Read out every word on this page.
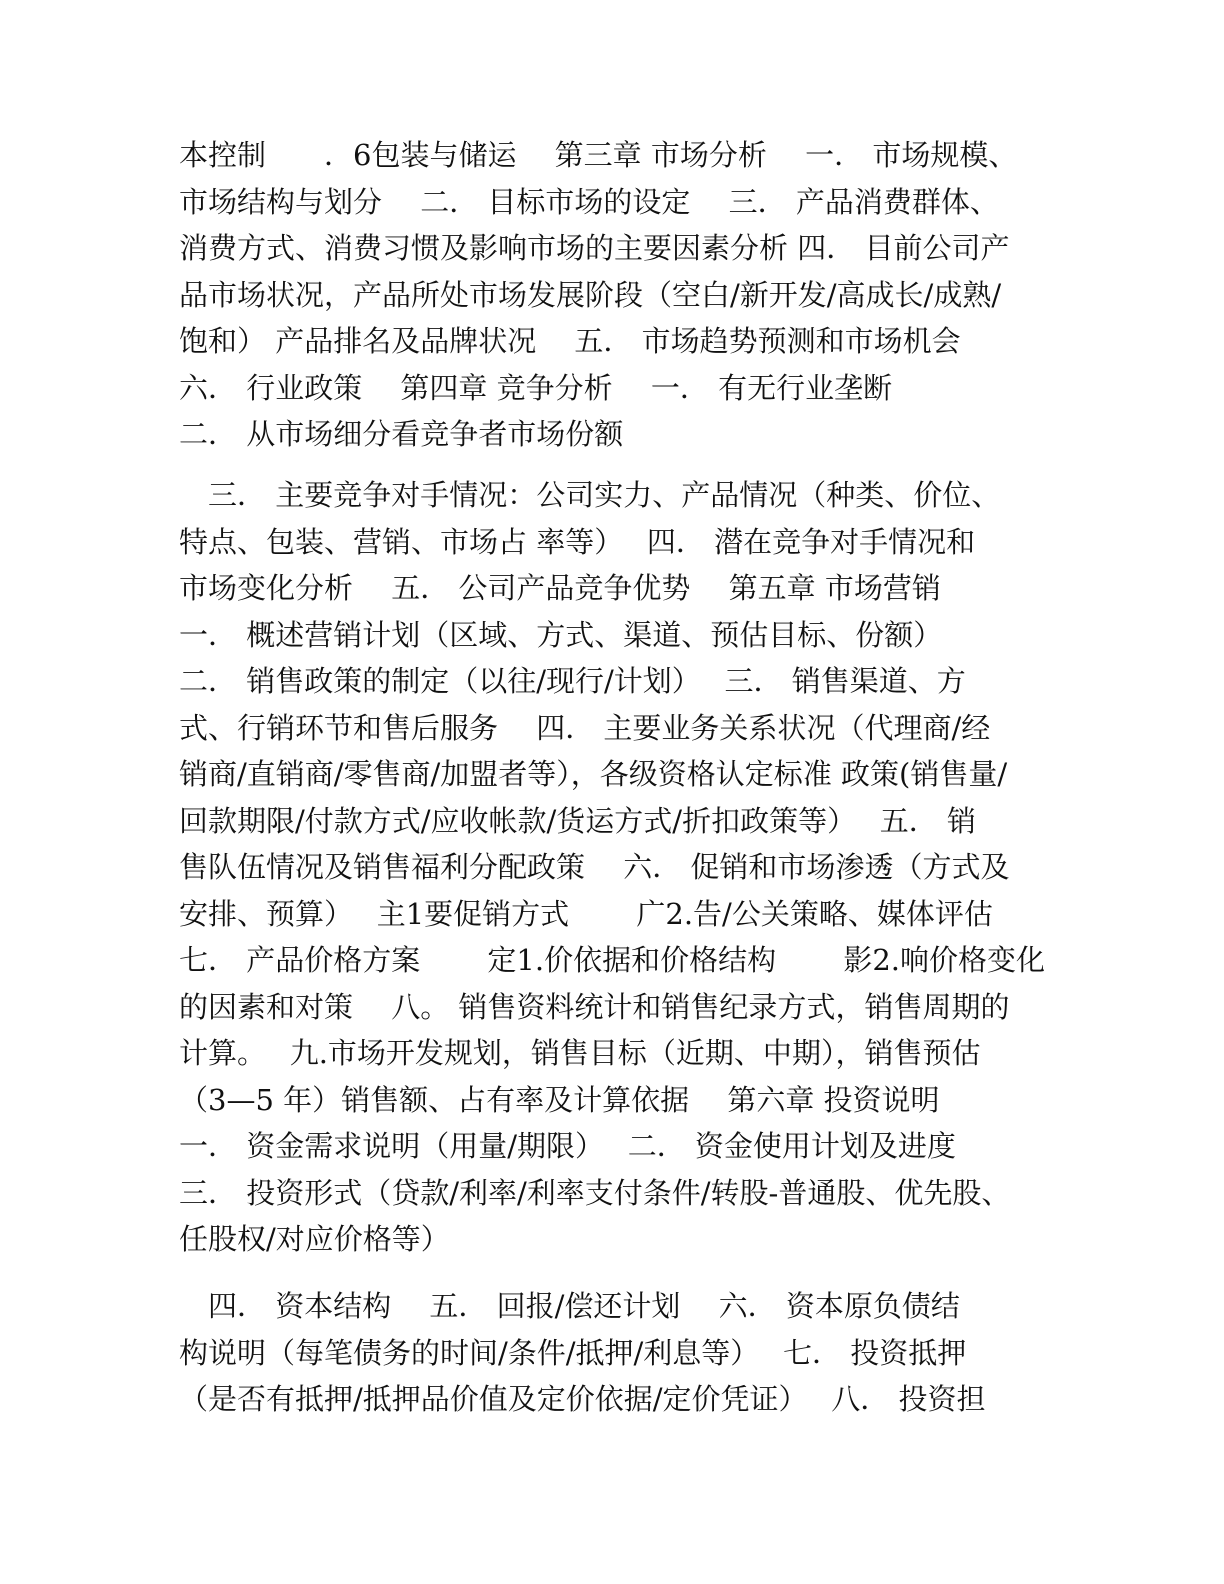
本控制　　．6包装与储运　 第三章 市场分析　 一． 市场规模、
市场结构与划分　 二． 目标市场的设定　 三． 产品消费群体、
消费方式、消费习惯及影响市场的主要因素分析 四． 目前公司产
品市场状况，产品所处市场发展阶段（空白/新开发/高成长/成熟/
饱和） 产品排名及品牌状况　 五． 市场趋势预测和市场机会
六． 行业政策　 第四章 竞争分析　 一． 有无行业垄断
二． 从市场细分看竞争者市场份额
　三． 主要竞争对手情况：公司实力、产品情况（种类、价位、
特点、包装、营销、市场占 率等）　 四． 潜在竞争对手情况和
市场变化分析　 五． 公司产品竞争优势　 第五章 市场营销
一． 概述营销计划（区域、方式、渠道、预估目标、份额）
二． 销售政策的制定（以往/现行/计划）　 三． 销售渠道、方
式、行销环节和售后服务　 四． 主要业务关系状况（代理商/经
销商/直销商/零售商/加盟者等），各级资格认定标准 政策(销售量/
回款期限/付款方式/应收帐款/货运方式/折扣政策等）　 五． 销
售队伍情况及销售福利分配政策　 六． 促销和市场渗透（方式及
安排、预算）　 主1要促销方式　　 广2.告/公关策略、媒体评估
七． 产品价格方案　　 定1.价依据和价格结构　　 影2.响价格变化
的因素和对策　 八。 销售资料统计和销售纪录方式，销售周期的
计算。　 九.市场开发规划，销售目标（近期、中期），销售预估
（3—5 年）销售额、占有率及计算依据　 第六章 投资说明
一． 资金需求说明（用量/期限）　 二． 资金使用计划及进度
三． 投资形式（贷款/利率/利率支付条件/转股-普通股、优先股、
任股权/对应价格等）
　四． 资本结构　 五． 回报/偿还计划　 六． 资本原负债结
构说明（每笔债务的时间/条件/抵押/利息等）　 七． 投资抵押
（是否有抵押/抵押品价值及定价依据/定价凭证）　 八． 投资担
